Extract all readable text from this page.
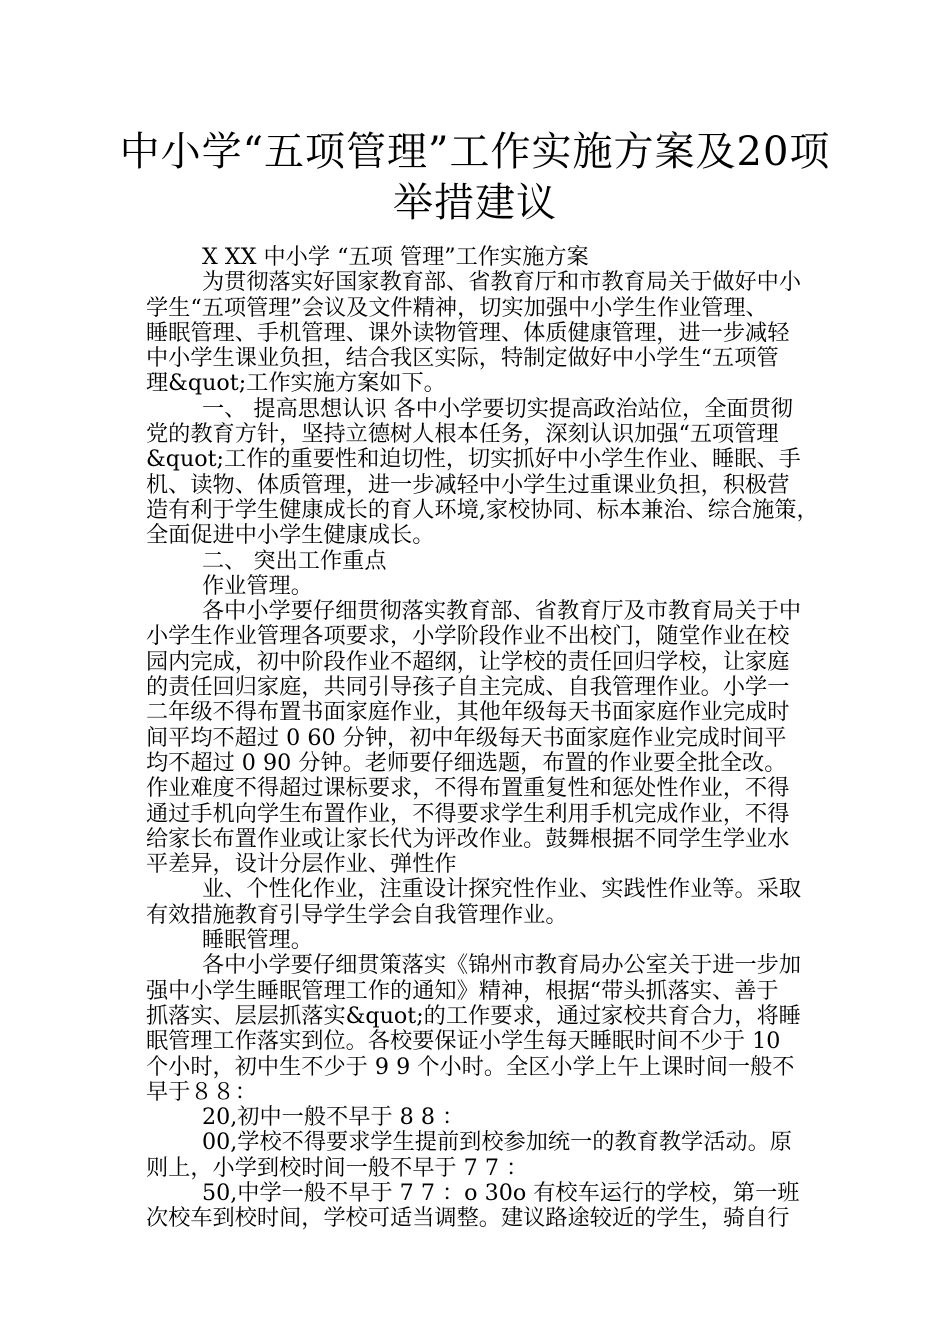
中小学“五项管理”工作实施方案及20项
举措建议
X XX 中小学 “五项 管理”工作实施方案
为贯彻落实好国家教育部、省教育厅和市教育局关于做好中小
学生“五项管理”会议及文件精神，切实加强中小学生作业管理、
睡眠管理、手机管理、课外读物管理、体质健康管理，进一步减轻
中小学生课业负担，结合我区实际，特制定做好中小学生“五项管
理&quot;工作实施方案如下。
一、 提高思想认识 各中小学要切实提高政治站位，全面贯彻
党的教育方针，坚持立德树人根本任务，深刻认识加强“五项管理
&quot;工作的重要性和迫切性，切实抓好中小学生作业、睡眠、手
机、读物、体质管理，进一步减轻中小学生过重课业负担，积极营
造有利于学生健康成长的育人环境,家校协同、标本兼治、综合施策，
全面促进中小学生健康成长。
二、 突出工作重点
作业管理。
各中小学要仔细贯彻落实教育部、省教育厅及市教育局关于中
小学生作业管理各项要求，小学阶段作业不出校门，随堂作业在校
园内完成，初中阶段作业不超纲，让学校的责任回归学校，让家庭
的责任回归家庭，共同引导孩子自主完成、自我管理作业。小学一
二年级不得布置书面家庭作业，其他年级每天书面家庭作业完成时
间平均不超过 0 60 分钟，初中年级每天书面家庭作业完成时间平
均不超过 0 90 分钟。老师要仔细选题，布置的作业要全批全改。
作业难度不得超过课标要求，不得布置重复性和惩处性作业，不得
通过手机向学生布置作业，不得要求学生利用手机完成作业，不得
给家长布置作业或让家长代为评改作业。鼓舞根据不同学生学业水
平差异，设计分层作业、弹性作
业、个性化作业，注重设计探究性作业、实践性作业等。采取
有效措施教育引导学生学会自我管理作业。
睡眠管理。
各中小学要仔细贯策落实《锦州市教育局办公室关于进一步加
强中小学生睡眠管理工作的通知》精神，根据“带头抓落实、善于
抓落实、层层抓落实&quot;的工作要求，通过家校共育合力，将睡
眠管理工作落实到位。各校要保证小学生每天睡眠时间不少于 10
个小时，初中生不少于 9 9 个小时。全区小学上午上课时间一般不
早于８８：
20,初中一般不早于 8 8 ：
00,学校不得要求学生提前到校参加统一的教育教学活动。原
则上，小学到校时间一般不早于 7 7 ：
50,中学一般不早于 7 7 ：o 30o 有校车运行的学校，第一班
次校车到校时间，学校可适当调整。建议路途较近的学生，骑自行
